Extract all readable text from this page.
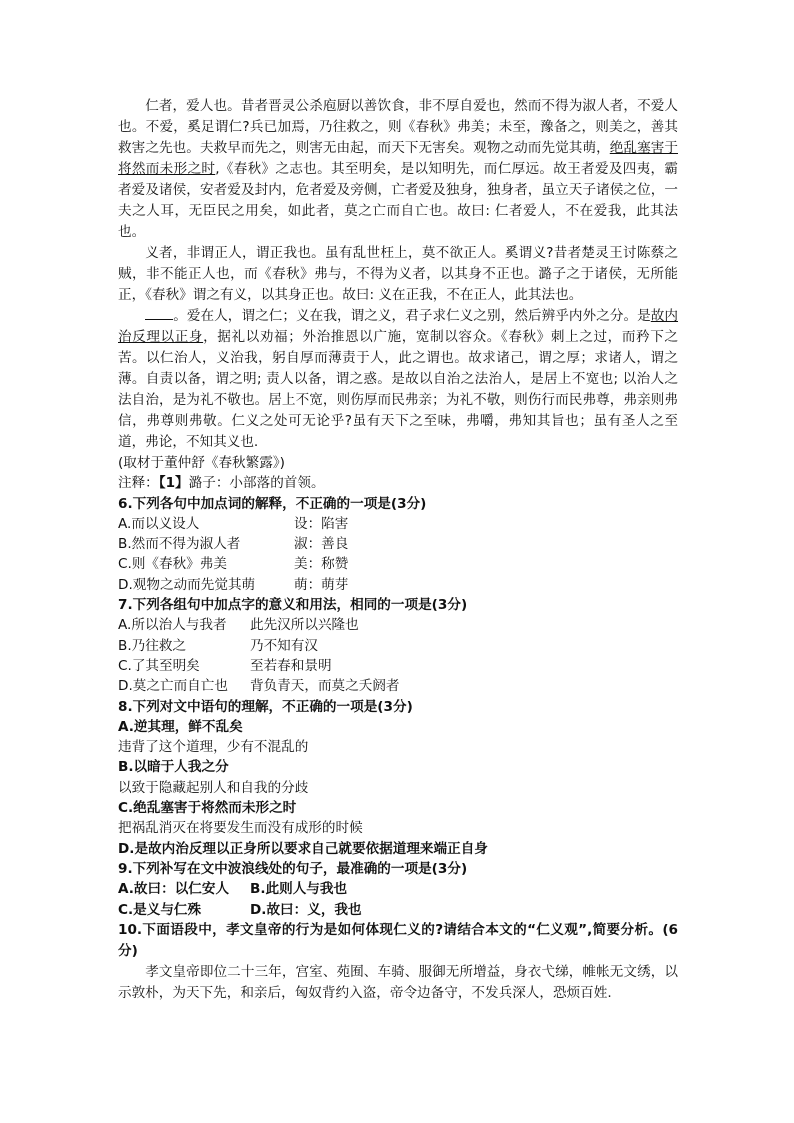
仁者，爱人也。昔者晋灵公杀庖厨以善饮食，非不厚自爱也，然而不得为淑人者，不爱人也。不爱，奚足谓仁?兵已加焉，乃往救之，则《春秋》弗美；未至，豫备之，则美之，善其救害之先也。夫救早而先之，则害无由起，而天下无害矣。观物之动而先觉其萌，绝乱塞害于将然而未形之时,《春秋》之志也。其至明矣，是以知明先，而仁厚远。故王者爱及四夷，霸者爱及诸侯，安者爱及封内，危者爱及旁侧，亡者爱及独身，独身者，虽立天子诸侯之位，一夫之人耳，无臣民之用矣，如此者，莫之亡而自亡也。故曰: 仁者爱人，不在爱我，此其法也。

义者，非谓正人，谓正我也。虽有乱世枉上，莫不欲正人。奚谓义?昔者楚灵王讨陈蔡之贼，非不能正人也，而《春秋》弗与，不得为义者，以其身不正也。潞子之于诸侯，无所能正，《春秋》谓之有义，以其身正也。故曰: 义在正我，不在正人，此其法也。

。爱在人，谓之仁；义在我，谓之义，君子求仁义之别，然后辨乎内外之分。是故内治反理以正身，据礼以劝福；外治推恩以广施，宽制以容众。《春秋》刺上之过，而矜下之苦。以仁治人，义治我，躬自厚而薄责于人，此之谓也。故求诸己，谓之厚；求诸人，谓之薄。自责以备，谓之明; 责人以备，谓之惑。是故以自治之法治人，是居上不宽也; 以治人之法自治，是为礼不敬也。居上不宽，则伤厚而民弗亲；为礼不敬，则伤行而民弗尊，弗亲则弗信，弗尊则弗敬。仁义之处可无论乎?虽有天下之至味，弗嚼，弗知其旨也；虽有圣人之至道，弗论，不知其义也.

(取材于董仲舒《春秋繁露》)

注释：【1】潞子：小部落的首领。

6.下列各句中加点词的解释，不正确的一项是(3分)

A.而以义设人	设：陷害

B.然而不得为淑人者	淑：善良

C.则《春秋》弗美	美：称赞

D.观物之动而先觉其萌	萌：萌芽

7.下列各组句中加点字的意义和用法，相同的一项是(3分)

A.所以治人与我者 此先汉所以兴隆也

B.乃往救之	乃不知有汉

C.了其至明矣	至若春和景明

D.莫之亡而自亡也 背负青天，而莫之夭阏者

8.下列对文中语句的理解，不正确的一项是(3分)

A.逆其理，鲜不乱矣

违背了这个道理，少有不混乱的

B.以暗于人我之分

以致于隐藏起别人和自我的分歧

C.绝乱塞害于将然而未形之时

把祸乱消灭在将要发生而没有成形的时候

D.是故内治反理以正身所以要求自己就要依据道理来端正自身

9.下列补写在文中波浪线处的句子，最准确的一项是(3分)

A.故曰：以仁安人 B.此则人与我也

C.是义与仁殊	D.故曰：义，我也

10.下面语段中，孝文皇帝的行为是如何体现仁义的?请结合本文的“仁义观”,简要分析。(6分)

孝文皇帝即位二十三年，宫室、苑囿、车骑、服御无所增益，身衣弋绨，帷帐无文绣，以示敦朴，为天下先，和亲后，匈奴背约入盗，帝令边备守，不发兵深人，恐烦百姓.
